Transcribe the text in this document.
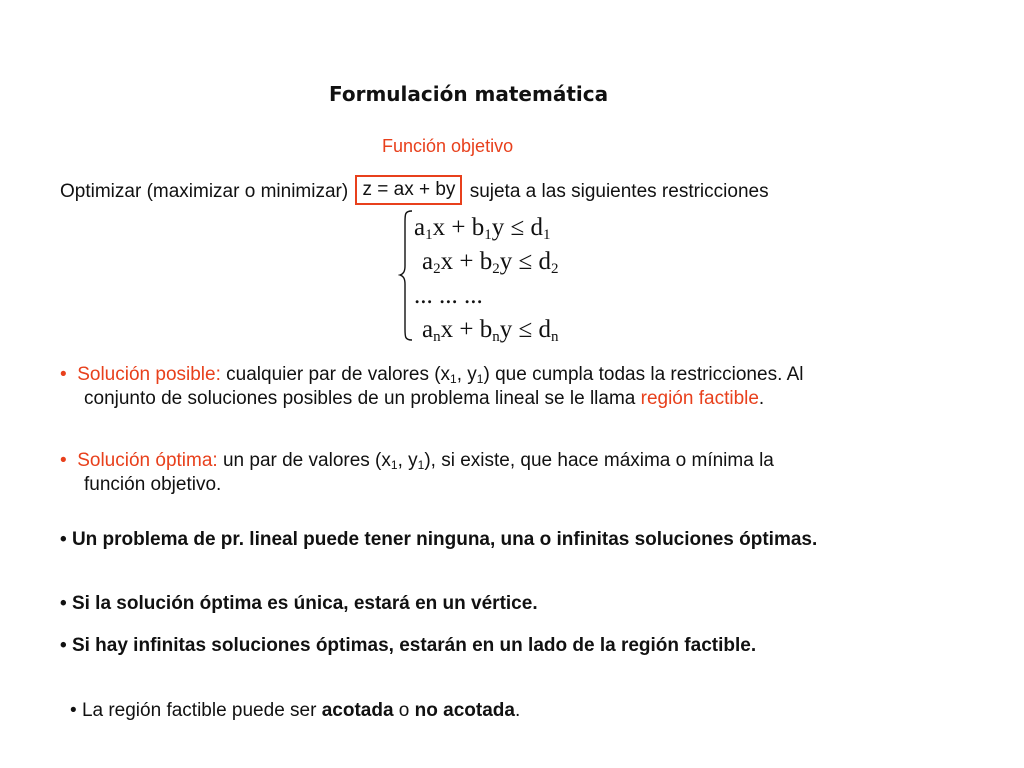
Formulación matemática
Función objetivo
Optimizar (maximizar o minimizar) z = ax + by sujeta a las siguientes restricciones
$a_1x + b_1y \le d_1$
$a_2x + b_2y \le d_2$
... ... ...
$a_nx + b_ny \le d_n$
• Solución posible: cualquier par de valores ($x_1$, $y_1$) que cumpla todas la restricciones. Al
conjunto de soluciones posibles de un problema lineal se le llama región factible.
• Solución óptima: un par de valores ($x_1$, $y_1$), si existe, que hace máxima o mínima la
función objetivo.
• Un problema de pr. lineal puede tener ninguna, una o infinitas soluciones óptimas.
• Si la solución óptima es única, estará en un vértice.
• Si hay infinitas soluciones óptimas, estarán en un lado de la región factible.
• La región factible puede ser acotada o no acotada.
